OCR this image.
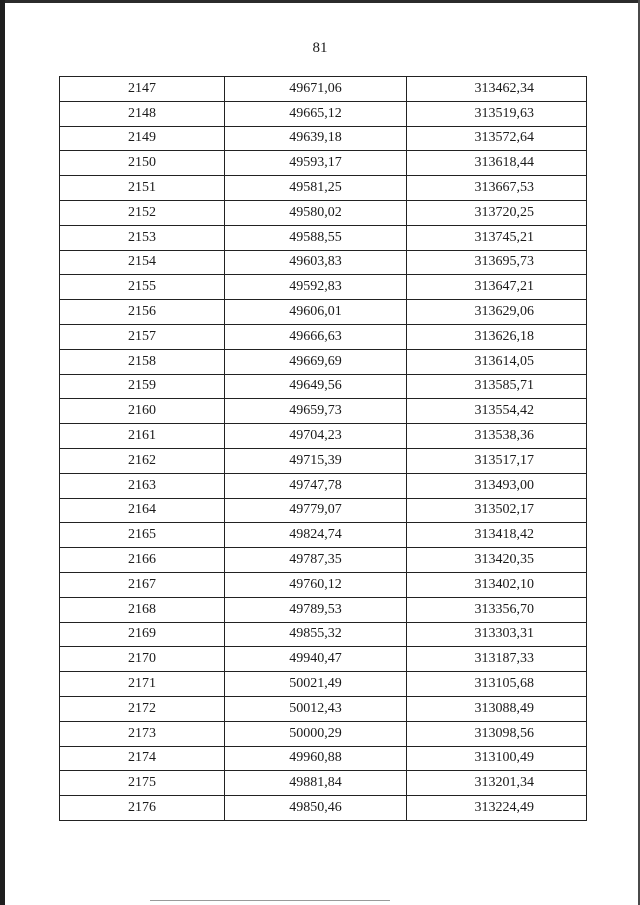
81
2147	49671,06	313462,34
2148	49665,12	313519,63
2149	49639,18	313572,64
2150	49593,17	313618,44
2151	49581,25	313667,53
2152	49580,02	313720,25
2153	49588,55	313745,21
2154	49603,83	313695,73
2155	49592,83	313647,21
2156	49606,01	313629,06
2157	49666,63	313626,18
2158	49669,69	313614,05
2159	49649,56	313585,71
2160	49659,73	313554,42
2161	49704,23	313538,36
2162	49715,39	313517,17
2163	49747,78	313493,00
2164	49779,07	313502,17
2165	49824,74	313418,42
2166	49787,35	313420,35
2167	49760,12	313402,10
2168	49789,53	313356,70
2169	49855,32	313303,31
2170	49940,47	313187,33
2171	50021,49	313105,68
2172	50012,43	313088,49
2173	50000,29	313098,56
2174	49960,88	313100,49
2175	49881,84	313201,34
2176	49850,46	313224,49
